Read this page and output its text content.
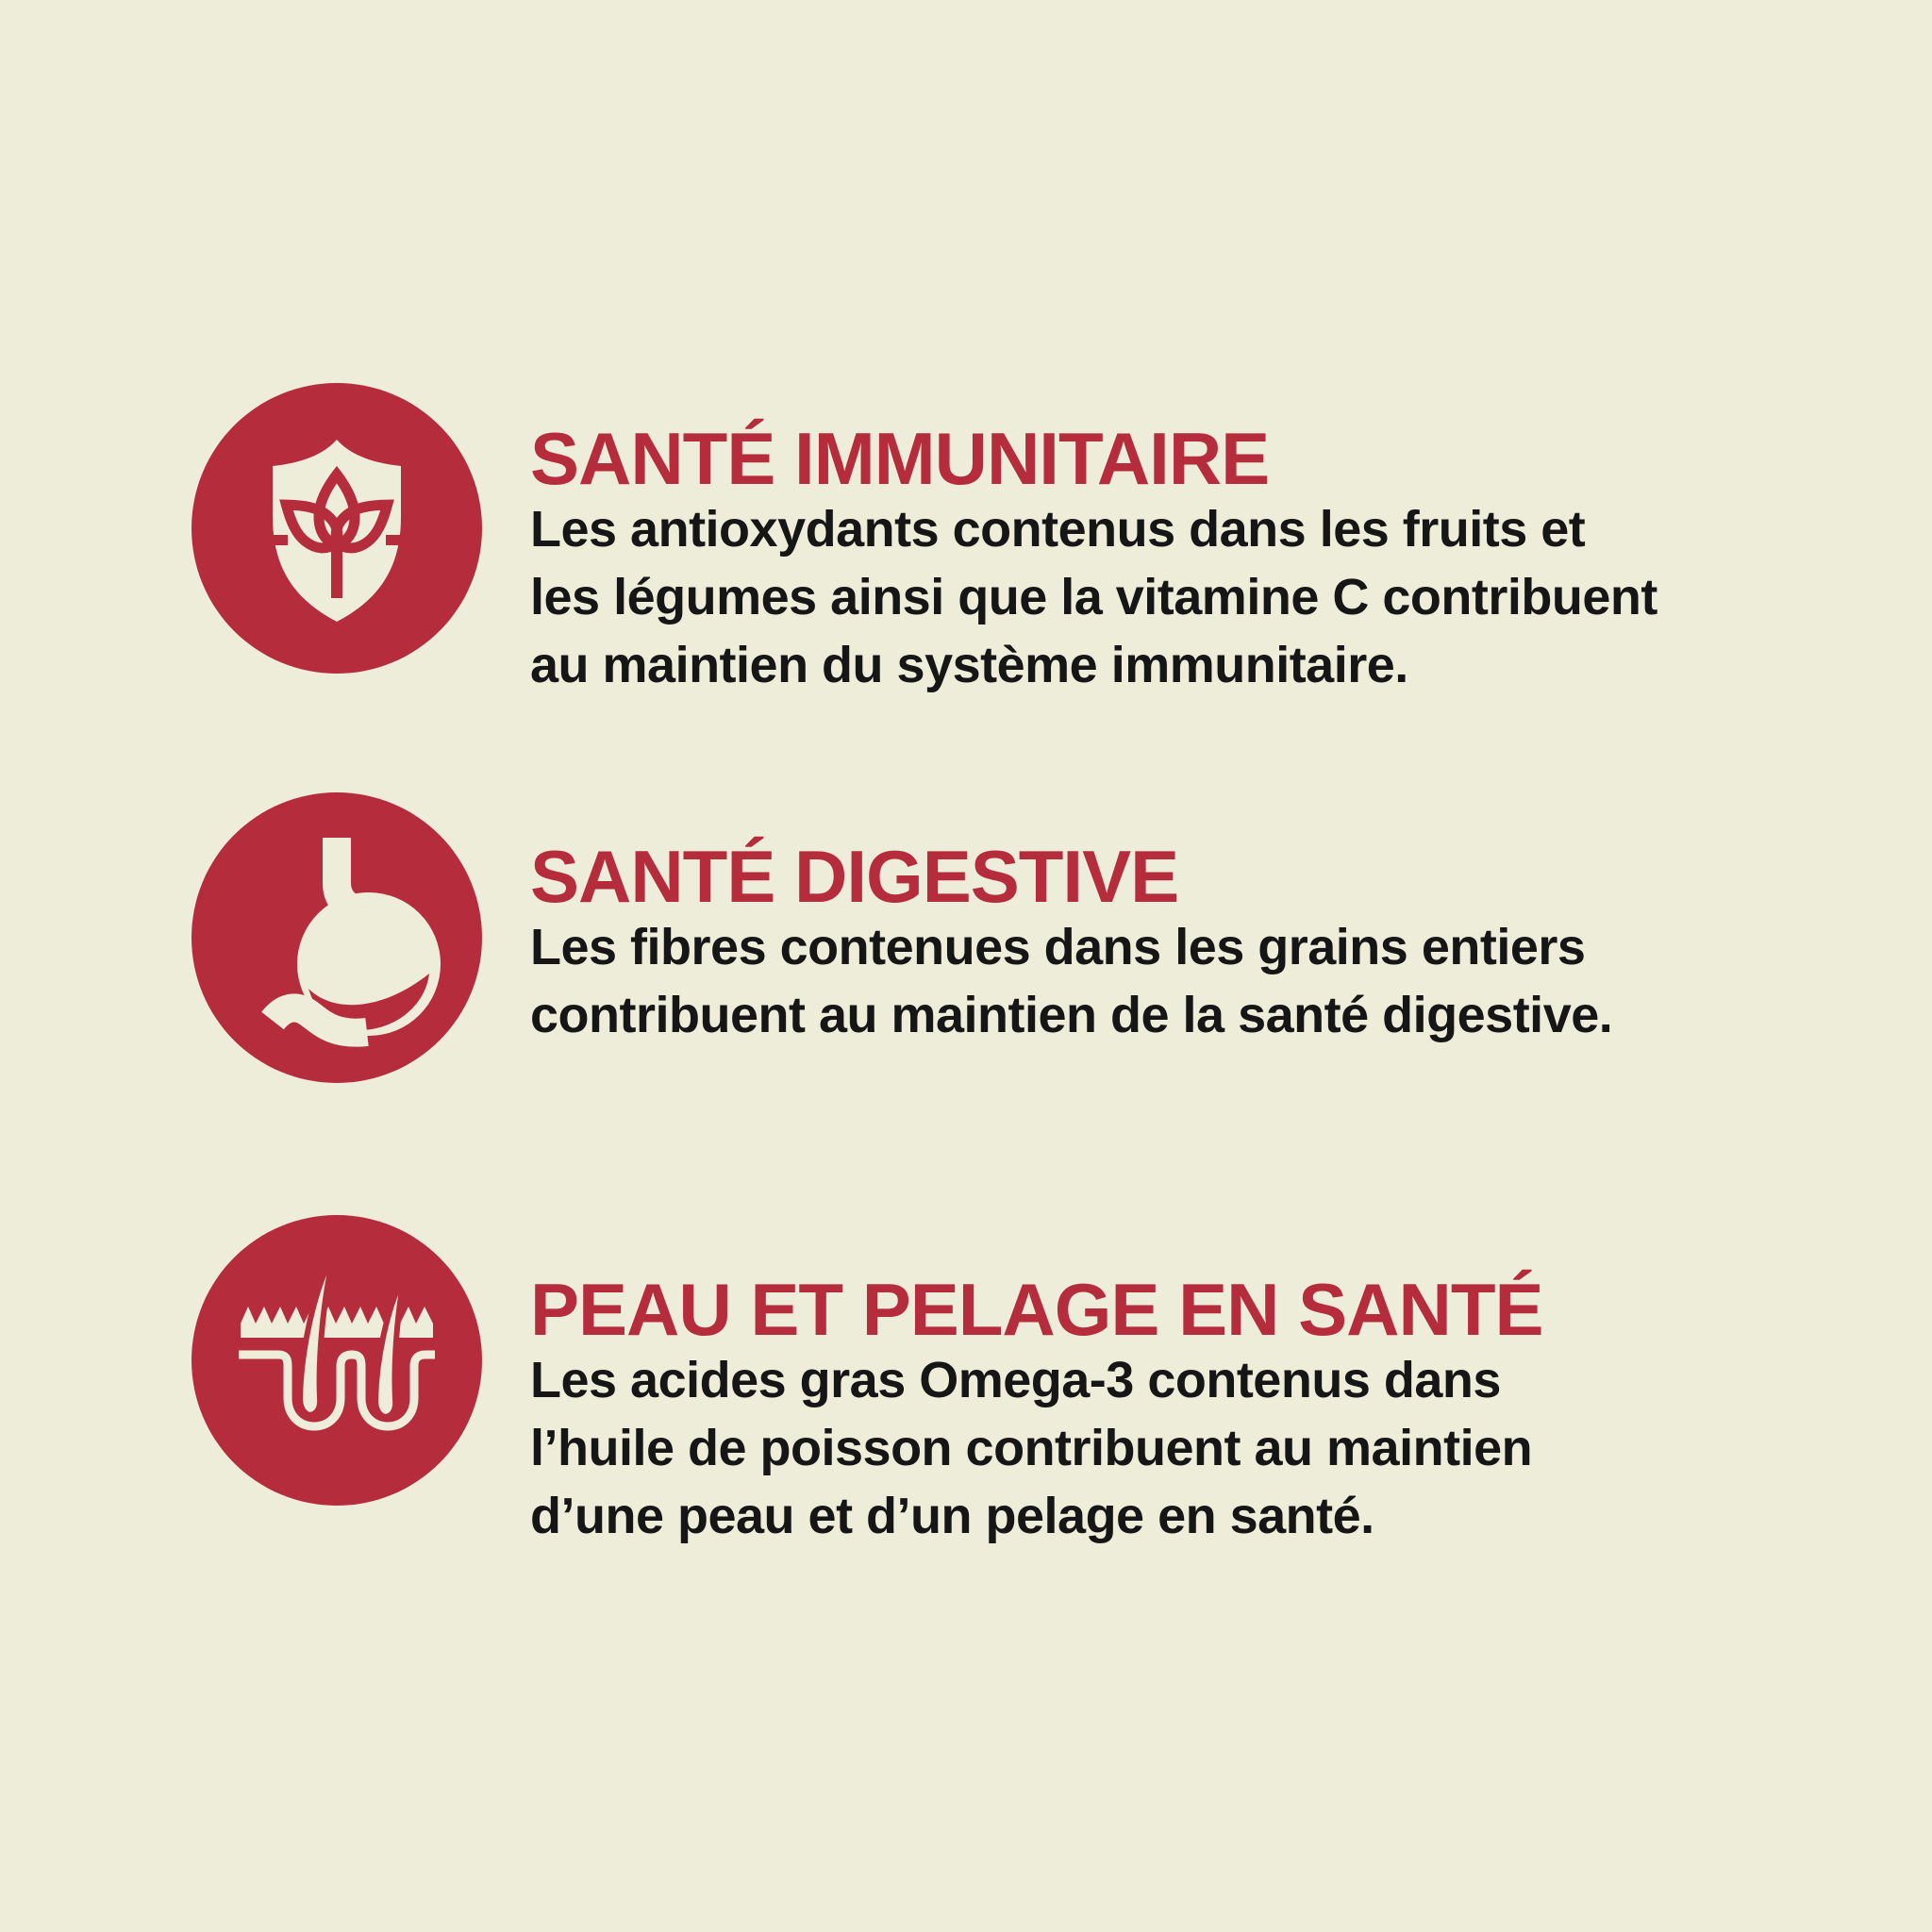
SANTÉ IMMUNITAIRE

Les antioxydants contenus dans les fruits et
les légumes ainsi que la vitamine C contribuent
au maintien du système immunitaire.

SANTÉ DIGESTIVE

Les fibres contenues dans les grains entiers
contribuent au maintien de la santé digestive.

PEAU ET PELAGE EN SANTÉ

Les acides gras Omega-3 contenus dans
l’huile de poisson contribuent au maintien
d’une peau et d’un pelage en santé.
